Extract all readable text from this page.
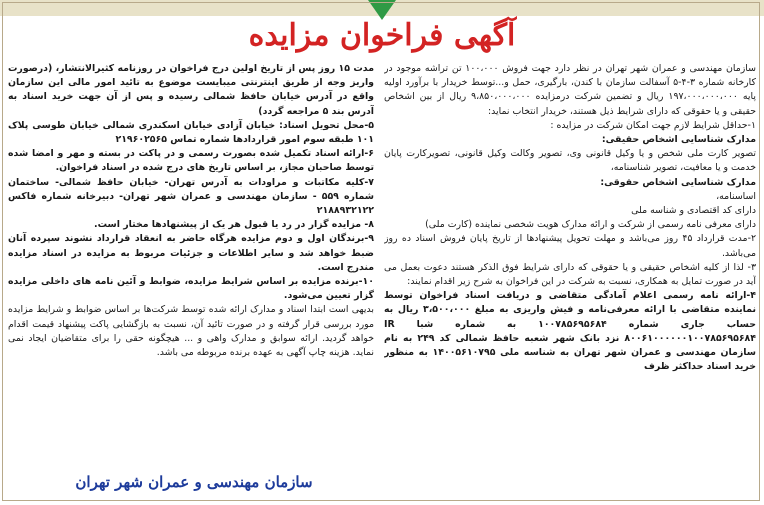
آگهی فراخوان مزایده

سازمان مهندسی و عمران شهر تهران در نظر دارد جهت فروش ۱۰۰،۰۰۰ تن تراشه موجود در کارخانه شماره ۳-۴-۵ آسفالت سازمان با کندن، بارگیری، حمل و...توسط خریدار با برآورد اولیه پایه ۱۹۷،۰۰۰،۰۰۰،۰۰۰ ریال و تضمین شرکت درمزایده ۹،۸۵۰،۰۰۰،۰۰۰ ریال از بین اشخاص حقیقی و یا حقوقی که دارای شرایط ذیل هستند، خریدار انتخاب نماید:

۱-حداقل شرایط لازم جهت امکان شرکت در مزایده :

مدارک شناسایی اشخاص حقیقی:

تصویر کارت ملی شخص و یا وکیل قانونی وی، تصویر وکالت وکیل قانونی، تصویرکارت پایان خدمت و یا معافیت، تصویر شناسنامه،

مدارک شناسایی اشخاص حقوقی:

اساسنامه،

دارای کد اقتصادی و شناسه ملی

دارای معرفی نامه رسمی از شرکت و ارائه مدارک هویت شخصی نماینده (کارت ملی)

۲-مدت قرارداد ۴۵ روز می‌باشد و مهلت تحویل پیشنهادها از تاریخ پایان فروش اسناد ده روز می‌باشد.

۳- لذا از کلیه اشخاص حقیقی و یا حقوقی که دارای شرایط فوق الذکر هستند دعوت بعمل می آید در صورت تمایل به همکاری، نسبت به شرکت در این فراخوان به شرح زیر اقدام نمایند:

۴-ارائه نامه رسمی اعلام آمادگی متقاضی و دریافت اسناد فراخوان توسط نماینده متقاضی با ارائه معرفی‌نامه و فیش واریزی به مبلغ ۳،۵۰۰،۰۰۰ ریال به حساب جاری شماره ۱۰۰۷۸۵۶۹۵۶۸۴ به شماره شبا IR ۸۰۰۶۱۰۰۰۰۰۰۱۰۰۷۸۵۶۹۵۶۸۴ نزد بانک شهر شعبه حافظ شمالی کد ۲۴۹ به نام سازمان مهندسی و عمران شهر تهران به شناسه ملی ۱۴۰۰۵۶۱۰۷۹۵ به منظور خرید اسناد حداکثر ظرف

مدت ۱۵ روز پس از تاریخ اولین درج فراخوان در روزنامه کثیرالانتشار، (درصورت واریز وجه از طریق اینترنتی میبایست موضوع به تائید امور مالی این سازمان واقع در آدرس خیابان حافظ شمالی رسیده و پس از آن جهت خرید اسناد به آدرس بند ۵ مراجعه گردد)

۵-محل تحویل اسناد: خیابان آزادی خیابان اسکندری شمالی خیابان طوسی پلاک ۱۰۱ طبقه سوم امور قراردادها شماره تماس ۲۱۹۶۰۲۵۶۵

۶-ارائه اسناد تکمیل شده بصورت رسمی و در پاکت در بسته و مهر و امضا شده توسط صاحبان مجاز، بر اساس تاریخ های درج شده در اسناد فراخوان.

۷-کلیه مکاتبات و مراودات به آدرس تهران- خیابان حافظ شمالی- ساختمان شماره ۵۵۹ - سازمان مهندسی و عمران شهر تهران- دبیرخانه شماره فاکس ۲۱۸۸۹۳۲۱۲۲

۸- مزایده گزار در رد یا قبول هر یک از پیشنهادها مختار است.

۹-برندگان اول و دوم مزایده هرگاه حاضر به انعقاد قرارداد نشوند سپرده آنان ضبط خواهد شد و سایر اطلاعات و جزئیات مربوط به مزایده در اسناد مزایده مندرج است.

۱۰-برنده مزایده بر اساس شرایط مزایده، ضوابط و آئین نامه های داخلی مزایده گزار تعیین می‌شود.

بدیهی است ابتدا اسناد و مدارک ارائه شده توسط شرکت‌ها بر اساس ضوابط و شرایط مزایده مورد بررسی قرار گرفته و در صورت تائید آن، نسبت به بازگشایی پاکت پیشنهاد قیمت اقدام خواهد گردید. ارائه سوابق و مدارک واهی و ... هیچگونه حقی را برای متقاضیان ایجاد نمی نماید. هزینه چاپ آگهی به عهده برنده مربوطه می باشد.

سازمان مهندسی و عمران شهر تهران
